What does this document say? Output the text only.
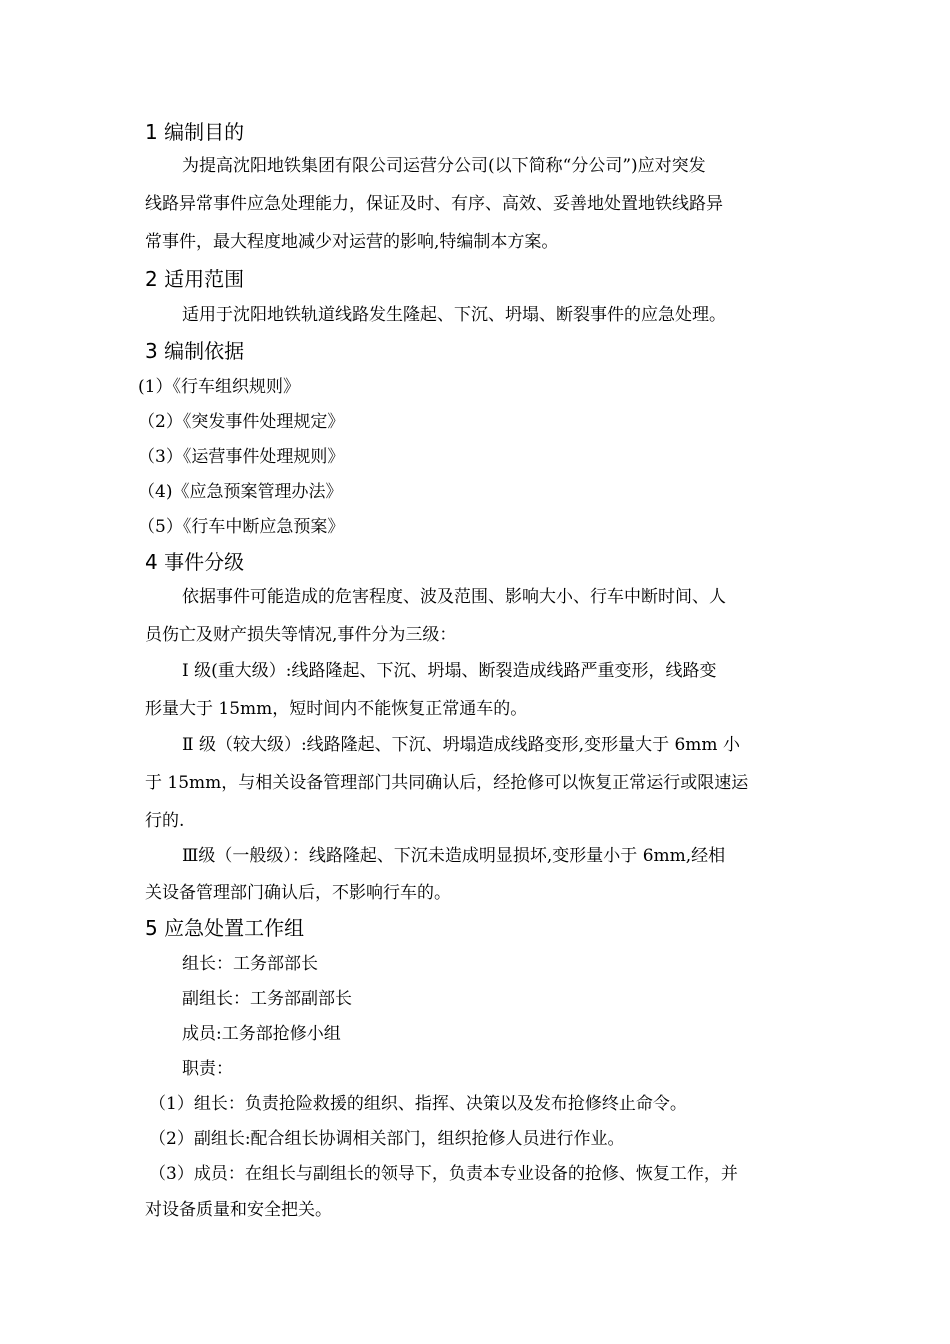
1 编制目的
为提高沈阳地铁集团有限公司运营分公司(以下简称“分公司”)应对突发
线路异常事件应急处理能力，保证及时、有序、高效、妥善地处置地铁线路异
常事件，最大程度地减少对运营的影响,特编制本方案。
2 适用范围
适用于沈阳地铁轨道线路发生隆起、下沉、坍塌、断裂事件的应急处理。
3 编制依据
(1）《行车组织规则》
（2）《突发事件处理规定》
（3）《运营事件处理规则》
（4)《应急预案管理办法》
（5）《行车中断应急预案》
4 事件分级
依据事件可能造成的危害程度、波及范围、影响大小、行车中断时间、人
员伤亡及财产损失等情况,事件分为三级：
Ⅰ 级(重大级）:线路隆起、下沉、坍塌、断裂造成线路严重变形，线路变
形量大于 15mm，短时间内不能恢复正常通车的。
Ⅱ 级（较大级）:线路隆起、下沉、坍塌造成线路变形,变形量大于 6mm 小
于 15mm，与相关设备管理部门共同确认后，经抢修可以恢复正常运行或限速运
行的.
Ⅲ级（一般级）：线路隆起、下沉未造成明显损坏,变形量小于 6mm,经相
关设备管理部门确认后，不影响行车的。
5 应急处置工作组
组长：工务部部长
副组长：工务部副部长
成员:工务部抢修小组
职责：
（1）组长：负责抢险救援的组织、指挥、决策以及发布抢修终止命令。
（2）副组长:配合组长协调相关部门，组织抢修人员进行作业。
（3）成员：在组长与副组长的领导下，负责本专业设备的抢修、恢复工作，并
对设备质量和安全把关。
